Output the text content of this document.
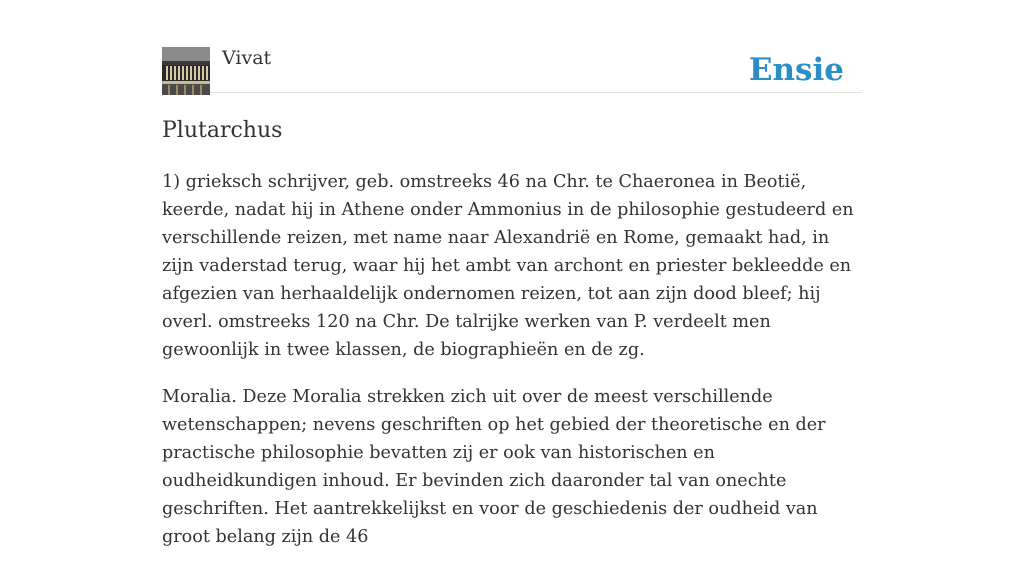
Vivat	Ensie
Plutarchus

1) grieksch schrijver, geb. omstreeks 46 na Chr. te Chaeronea in Beotië, keerde, nadat hij in Athene onder Ammonius in de philosophie gestudeerd en verschillende reizen, met name naar Alexandrië en Rome, gemaakt had, in zijn vaderstad terug, waar hij het ambt van archont en priester bekleedde en afgezien van herhaaldelijk ondernomen reizen, tot aan zijn dood bleef; hij overl. omstreeks 120 na Chr. De talrijke werken van P. verdeelt men gewoonlijk in twee klassen, de biographieën en de zg.

Moralia. Deze Moralia strekken zich uit over de meest verschillende wetenschappen; nevens geschriften op het gebied der theoretische en der practische philosophie bevatten zij er ook van historischen en oudheidkundigen inhoud. Er bevinden zich daaronder tal van onechte geschriften. Het aantrekkelijkst en voor de geschiedenis der oudheid van groot belang zijn de 46
